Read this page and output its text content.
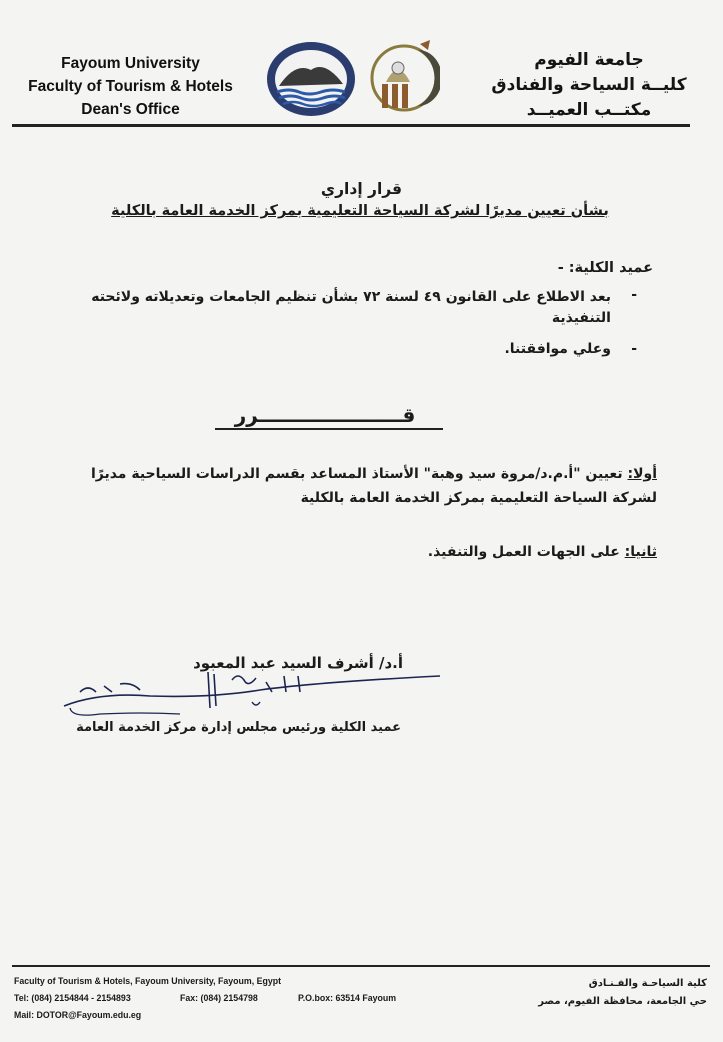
Fayoum University
Faculty of Tourism & Hotels
Dean's Office
جامعة الفيوم
كليــة السياحة والفنادق
مكتــب العميــد
قرار إداري
بشأن تعيين مديرًا لشركة السياحة التعليمية بمركز الخدمة العامة بالكلية
عميد الكلية: -
-
بعد الاطلاع على القانون ٤٩ لسنة ٧٢ بشأن تنظيم الجامعات وتعديلاته ولائحته التنفيذية
-
وعلي موافقتنا.
قـــــــــــــــــــــرر
أولا: تعيين "أ.م.د/مروة سيد وهبة" الأستاذ المساعد بقسم الدراسات السياحية مديرًا لشركة السياحة التعليمية بمركز الخدمة العامة بالكلية
ثانيا: على الجهات العمل والتنفيذ.
أ.د/ أشرف السيد عبد المعبود
عميد الكلية ورئيس مجلس إدارة مركز الخدمة العامة
Faculty of Tourism & Hotels, Fayoum University, Fayoum, Egypt
Tel: (084) 2154844 - 2154893	Fax: (084) 2154798	P.O.box: 63514 Fayoum
Mail: DOTOR@Fayoum.edu.eg
كلية السياحـة والفـنـادق
حي الجامعة، محافظة الفيوم، مصر
